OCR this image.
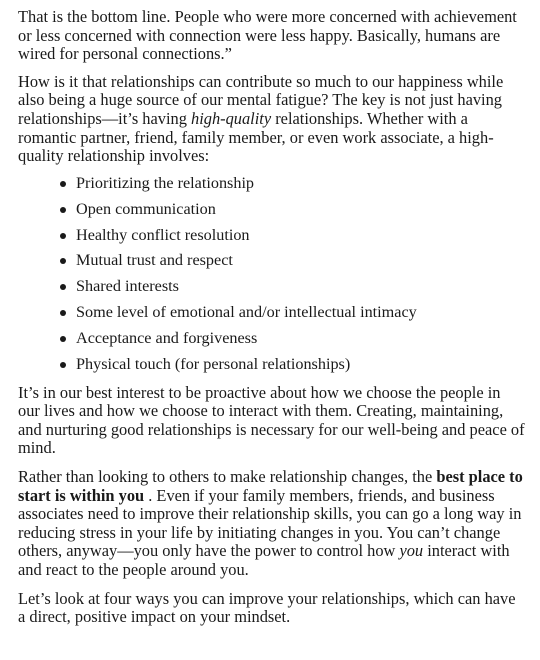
That is the bottom line. People who were more concerned with achievement or less concerned with connection were less happy. Basically, humans are wired for personal connections.”

How is it that relationships can contribute so much to our happiness while also being a huge source of our mental fatigue? The key is not just having relationships—it’s having high-quality relationships. Whether with a romantic partner, friend, family member, or even work associate, a high-quality relationship involves:

Prioritizing the relationship
Open communication
Healthy conflict resolution
Mutual trust and respect
Shared interests
Some level of emotional and/or intellectual intimacy
Acceptance and forgiveness
Physical touch (for personal relationships)

It’s in our best interest to be proactive about how we choose the people in our lives and how we choose to interact with them. Creating, maintaining, and nurturing good relationships is necessary for our well-being and peace of mind.

Rather than looking to others to make relationship changes, the best place to start is within you . Even if your family members, friends, and business associates need to improve their relationship skills, you can go a long way in reducing stress in your life by initiating changes in you. You can’t change others, anyway—you only have the power to control how you interact with and react to the people around you.

Let’s look at four ways you can improve your relationships, which can have a direct, positive impact on your mindset.
